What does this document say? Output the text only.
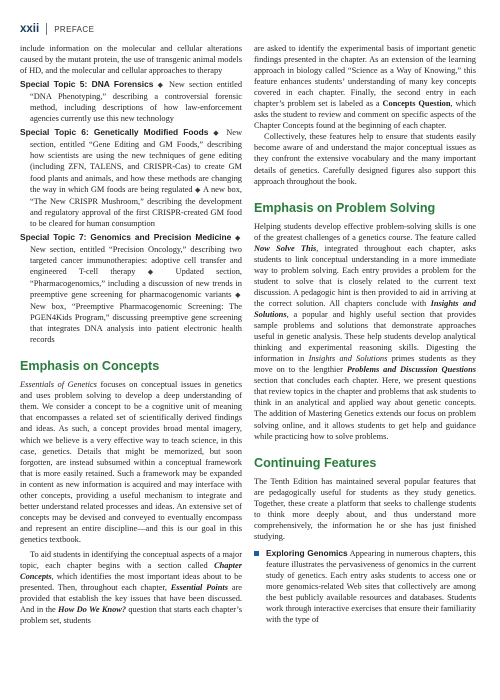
xxii PREFACE

include information on the molecular and cellular alterations caused by the mutant protein, the use of transgenic animal models of HD, and the molecular and cellular approaches to therapy

Special Topic 5: DNA Forensics ◆ New section entitled “DNA Phenotyping,” describing a controversial forensic method, including descriptions of how law-enforcement agencies currently use this new technology

Special Topic 6: Genetically Modified Foods ◆ New section, entitled “Gene Editing and GM Foods,” describing how scientists are using the new techniques of gene editing (including ZFN, TALENS, and CRISPR-Cas) to create GM food plants and animals, and how these methods are changing the way in which GM foods are being regulated ◆ A new box, “The New CRISPR Mushroom,” describing the development and regulatory approval of the first CRISPR-created GM food to be cleared for human consumption

Special Topic 7: Genomics and Precision Medicine ◆ New section, entitled “Precision Oncology,” describing two targeted cancer immunotherapies: adoptive cell transfer and engineered T-cell therapy ◆ Updated section, “Pharmacogenomics,” including a discussion of new trends in preemptive gene screening for pharmacogenomic variants ◆ New box, “Preemptive Pharmacogenomic Screening: The PGEN4Kids Program,” discussing preemptive gene screening that integrates DNA analysis into patient electronic health records

Emphasis on Concepts

Essentials of Genetics focuses on conceptual issues in genetics and uses problem solving to develop a deep understanding of them. We consider a concept to be a cognitive unit of meaning that encompasses a related set of scientifically derived findings and ideas. As such, a concept provides broad mental imagery, which we believe is a very effective way to teach science, in this case, genetics. Details that might be memorized, but soon forgotten, are instead subsumed within a conceptual framework that is more easily retained. Such a framework may be expanded in content as new information is acquired and may interface with other concepts, providing a useful mechanism to integrate and better understand related processes and ideas. An extensive set of concepts may be devised and conveyed to eventually encompass and represent an entire discipline—and this is our goal in this genetics textbook.

To aid students in identifying the conceptual aspects of a major topic, each chapter begins with a section called Chapter Concepts, which identifies the most important ideas about to be presented. Then, throughout each chapter, Essential Points are provided that establish the key issues that have been discussed. And in the How Do We Know? question that starts each chapter’s problem set, students

are asked to identify the experimental basis of important genetic findings presented in the chapter. As an extension of the learning approach in biology called “Science as a Way of Knowing,” this feature enhances students’ understanding of many key concepts covered in each chapter. Finally, the second entry in each chapter’s problem set is labeled as a Concepts Question, which asks the student to review and comment on specific aspects of the Chapter Concepts found at the beginning of each chapter.

Collectively, these features help to ensure that students easily become aware of and understand the major conceptual issues as they confront the extensive vocabulary and the many important details of genetics. Carefully designed figures also support this approach throughout the book.

Emphasis on Problem Solving

Helping students develop effective problem-solving skills is one of the greatest challenges of a genetics course. The feature called Now Solve This, integrated throughout each chapter, asks students to link conceptual understanding in a more immediate way to problem solving. Each entry provides a problem for the student to solve that is closely related to the current text discussion. A pedagogic hint is then provided to aid in arriving at the correct solution. All chapters conclude with Insights and Solutions, a popular and highly useful section that provides sample problems and solutions that demonstrate approaches useful in genetic analysis. These help students develop analytical thinking and experimental reasoning skills. Digesting the information in Insights and Solutions primes students as they move on to the lengthier Problems and Discussion Questions section that concludes each chapter. Here, we present questions that review topics in the chapter and problems that ask students to think in an analytical and applied way about genetic concepts. The addition of Mastering Genetics extends our focus on problem solving online, and it allows students to get help and guidance while practicing how to solve problems.

Continuing Features

The Tenth Edition has maintained several popular features that are pedagogically useful for students as they study genetics. Together, these create a platform that seeks to challenge students to think more deeply about, and thus understand more comprehensively, the information he or she has just finished studying.

Exploring Genomics Appearing in numerous chapters, this feature illustrates the pervasiveness of genomics in the current study of genetics. Each entry asks students to access one or more genomics-related Web sites that collectively are among the best publicly available resources and databases. Students work through interactive exercises that ensure their familiarity with the type of
